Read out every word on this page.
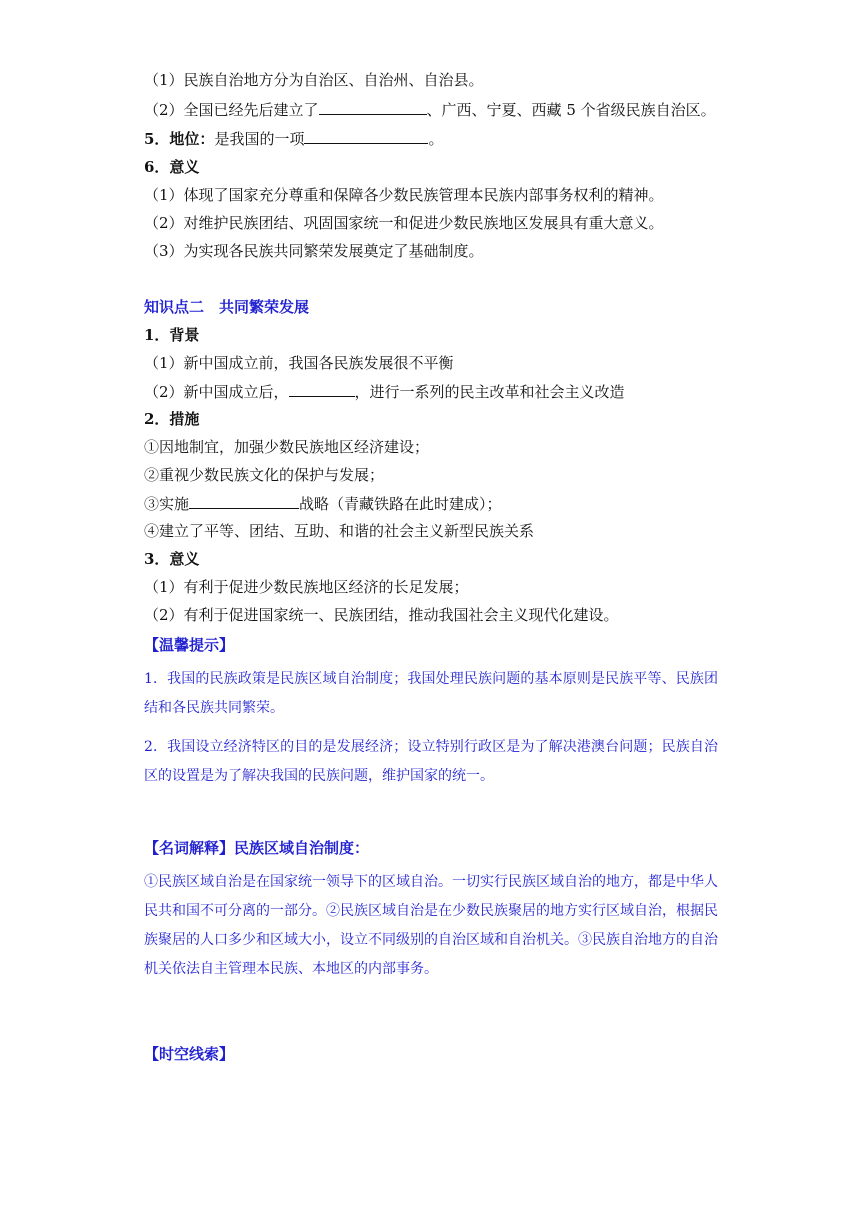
（1）民族自治地方分为自治区、自治州、自治县。
（2）全国已经先后建立了	、广西、宁夏、西藏 5 个省级民族自治区。
5．地位：是我国的一项	。
6．意义
（1）体现了国家充分尊重和保障各少数民族管理本民族内部事务权利的精神。
（2）对维护民族团结、巩固国家统一和促进少数民族地区发展具有重大意义。
（3）为实现各民族共同繁荣发展奠定了基础制度。
知识点二　共同繁荣发展
1．背景
（1）新中国成立前，我国各民族发展很不平衡
（2）新中国成立后，	，进行一系列的民主改革和社会主义改造
2．措施
①因地制宜，加强少数民族地区经济建设；
②重视少数民族文化的保护与发展；
③实施	战略（青藏铁路在此时建成）；
④建立了平等、团结、互助、和谐的社会主义新型民族关系
3．意义
（1）有利于促进少数民族地区经济的长足发展；
（2）有利于促进国家统一、民族团结，推动我国社会主义现代化建设。
【温馨提示】
1．我国的民族政策是民族区域自治制度；我国处理民族问题的基本原则是民族平等、民族团结和各民族共同繁荣。
2．我国设立经济特区的目的是发展经济；设立特别行政区是为了解决港澳台问题；民族自治区的设置是为了解决我国的民族问题，维护国家的统一。
【名词解释】民族区域自治制度：
①民族区域自治是在国家统一领导下的区域自治。一切实行民族区域自治的地方，都是中华人民共和国不可分离的一部分。②民族区域自治是在少数民族聚居的地方实行区域自治，根据民族聚居的人口多少和区域大小，设立不同级别的自治区域和自治机关。③民族自治地方的自治机关依法自主管理本民族、本地区的内部事务。
【时空线索】
